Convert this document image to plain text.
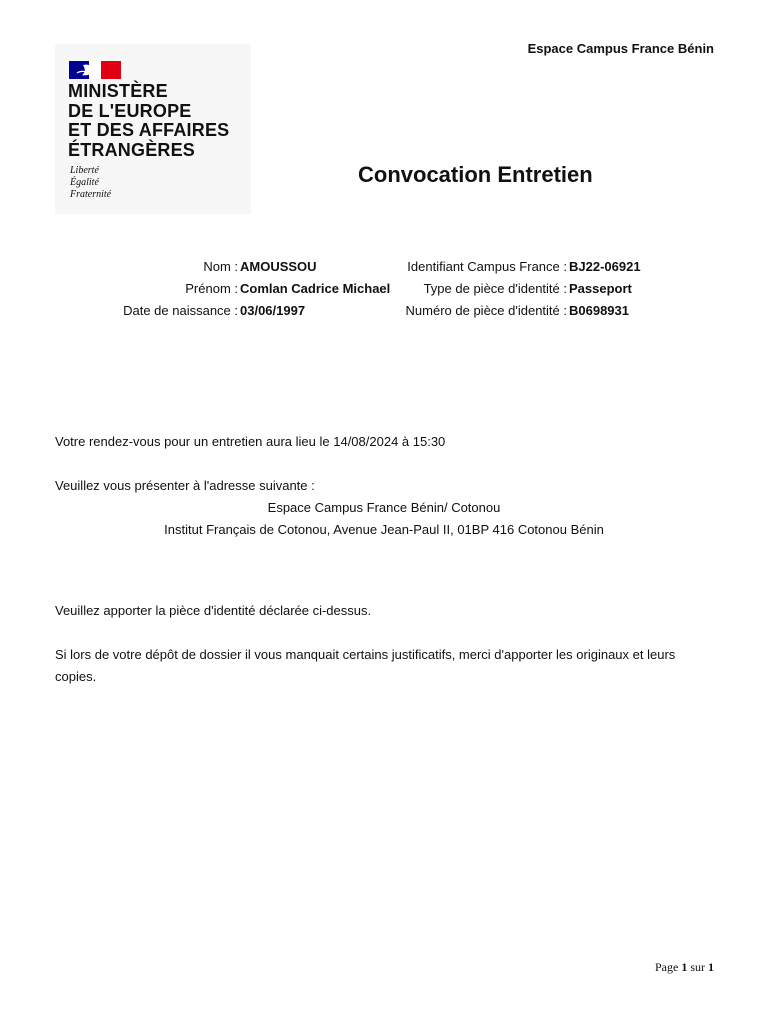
Espace Campus France Bénin
MINISTÈRE
DE L'EUROPE
ET DES AFFAIRES
ÉTRANGÈRES
Liberté
Égalité
Fraternité
Convocation Entretien
Nom : AMOUSSOU
Prénom : Comlan Cadrice Michael
Date de naissance : 03/06/1997
Identifiant Campus France : BJ22-06921
Type de pièce d'identité : Passeport
Numéro de pièce d'identité : B0698931
Votre rendez-vous pour un entretien aura lieu le 14/08/2024 à 15:30
Veuillez vous présenter à l'adresse suivante :
Espace Campus France Bénin/ Cotonou
Institut Français de Cotonou, Avenue Jean-Paul II, 01BP 416 Cotonou Bénin
Veuillez apporter la pièce d'identité déclarée ci-dessus.
Si lors de votre dépôt de dossier il vous manquait certains justificatifs, merci d'apporter les originaux et leurs copies.
Page 1 sur 1
